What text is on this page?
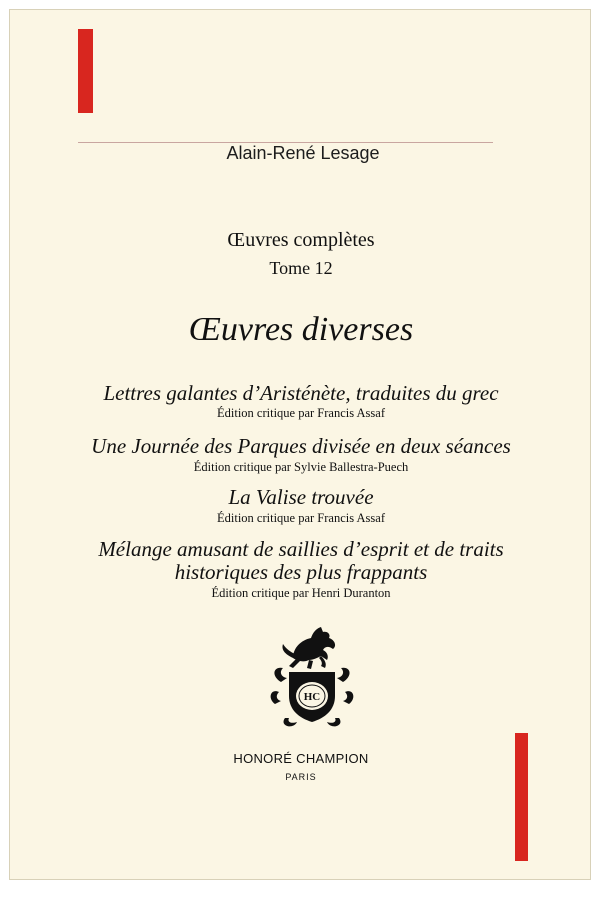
Alain-René Lesage
Œuvres complètes
Tome 12
Œuvres diverses
Lettres galantes d’Aristénète, traduites du grec
Édition critique par Francis Assaf
Une Journée des Parques divisée en deux séances
Édition critique par Sylvie Ballestra-Puech
La Valise trouvée
Édition critique par Francis Assaf
Mélange amusant de saillies d’esprit et de traits
historiques des plus frappants
Édition critique par Henri Duranton
HC
HONORÉ CHAMPION
PARIS
